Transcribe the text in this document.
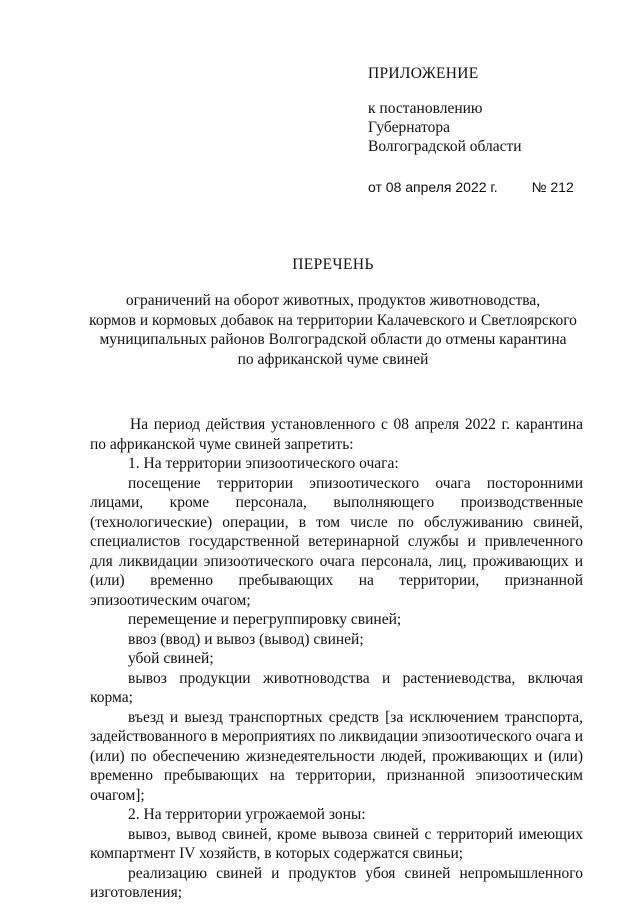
ПРИЛОЖЕНИЕ
к постановлению
Губернатора
Волгоградской области
от 08 апреля 2022 г. № 212
ПЕРЕЧЕНЬ
ограничений на оборот животных, продуктов животноводства,
кормов и кормовых добавок на территории Калачевского и Светлоярского
муниципальных районов Волгоградской области до отмены карантина
по африканской чуме свиней

На период действия установленного с 08 апреля 2022 г. карантина по африканской чуме свиней запретить:

1. На территории эпизоотического очага:

посещение территории эпизоотического очага посторонними лицами, кроме персонала, выполняющего производственные (технологические) операции, в том числе по обслуживанию свиней, специалистов государственной ветеринарной службы и привлеченного для ликвидации эпизоотического очага персонала, лиц, проживающих и (или) временно пребывающих на территории, признанной эпизоотическим очагом;

перемещение и перегруппировку свиней;

ввоз (ввод) и вывоз (вывод) свиней;

убой свиней;

вывоз продукции животноводства и растениеводства, включая корма;

въезд и выезд транспортных средств [за исключением транспорта, задействованного в мероприятиях по ликвидации эпизоотического очага и (или) по обеспечению жизнедеятельности людей, проживающих и (или) временно пребывающих на территории, признанной эпизоотическим очагом];

2. На территории угрожаемой зоны:

вывоз, вывод свиней, кроме вывоза свиней с территорий имеющих компартмент IV хозяйств, в которых содержатся свиньи;

реализацию свиней и продуктов убоя свиней непромышленного изготовления;
